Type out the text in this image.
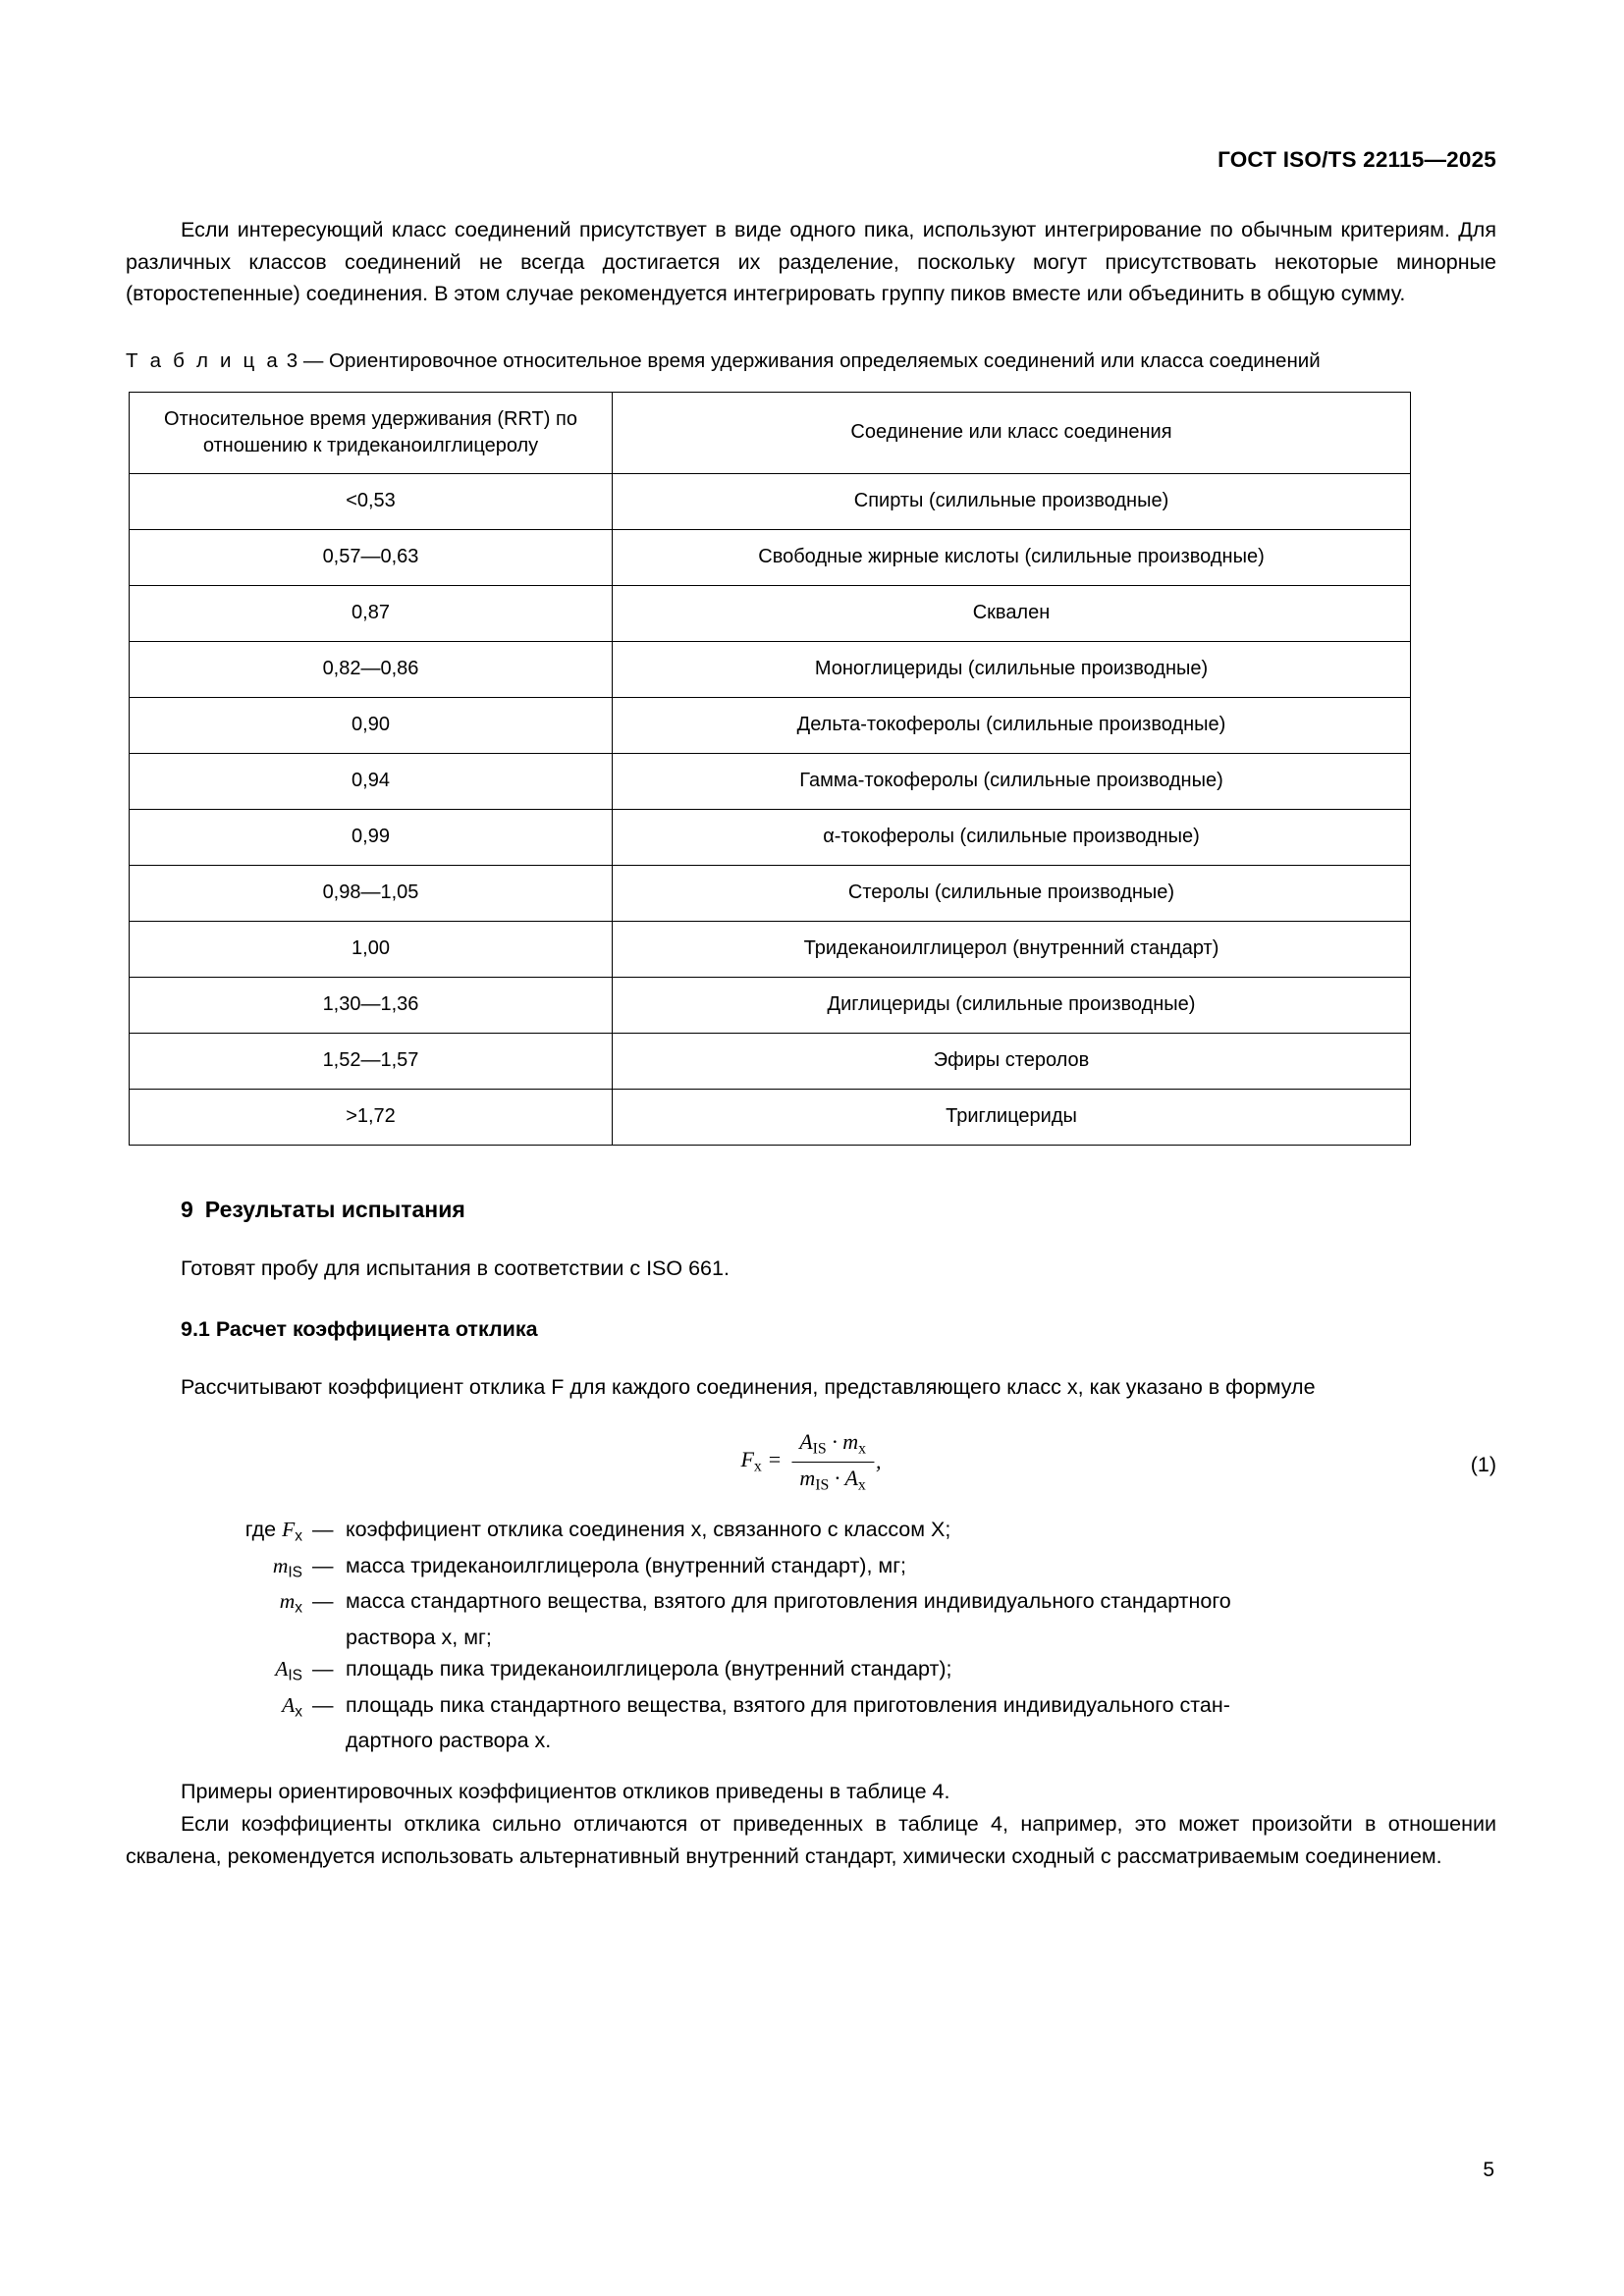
ГОСТ ISO/TS 22115—2025

Если интересующий класс соединений присутствует в виде одного пика, используют интегрирование по обычным критериям. Для различных классов соединений не всегда достигается их разделение, поскольку могут присутствовать некоторые минорные (второстепенные) соединения. В этом случае рекомендуется интегрировать группу пиков вместе или объединить в общую сумму.

Т а б л и ц а 3 — Ориентировочное относительное время удерживания определяемых соединений или класса соединений
Относительное время удерживания (RRT) по отношению к тридеканоилглицеролу	Соединение или класс соединения
<0,53	Спирты (силильные производные)
0,57—0,63	Свободные жирные кислоты (силильные производные)
0,87	Сквален
0,82—0,86	Моноглицериды (силильные производные)
0,90	Дельта-токоферолы (силильные производные)
0,94	Гамма-токоферолы (силильные производные)
0,99	α-токоферолы (силильные производные)
0,98—1,05	Стеролы (силильные производные)
1,00	Тридеканоилглицерол (внутренний стандарт)
1,30—1,36	Диглицериды (силильные производные)
1,52—1,57	Эфиры стеролов
>1,72	Триглицериды
9 Результаты испытания

Готовят пробу для испытания в соответствии с ISO 661.

9.1 Расчет коэффициента отклика

Рассчитывают коэффициент отклика F для каждого соединения, представляющего класс x, как указано в формуле

$F_x = \frac{A_{IS} \cdot m_x}{m_{IS} \cdot A_x}$ ,	(1)
где $F_x$ — коэффициент отклика соединения x, связанного с классом X;
$m_{IS}$ — масса тридеканоилглицерола (внутренний стандарт), мг;
$m_x$ — масса стандартного вещества, взятого для приготовления индивидуального стандартного
раствора x, мг;
$A_{IS}$ — площадь пика тридеканоилглицерола (внутренний стандарт);
$A_x$ — площадь пика стандартного вещества, взятого для приготовления индивидуального стан-
дартного раствора x.

Примеры ориентировочных коэффициентов откликов приведены в таблице 4.

Если коэффициенты отклика сильно отличаются от приведенных в таблице 4, например, это может произойти в отношении сквалена, рекомендуется использовать альтернативный внутренний стандарт, химически сходный с рассматриваемым соединением.

5
